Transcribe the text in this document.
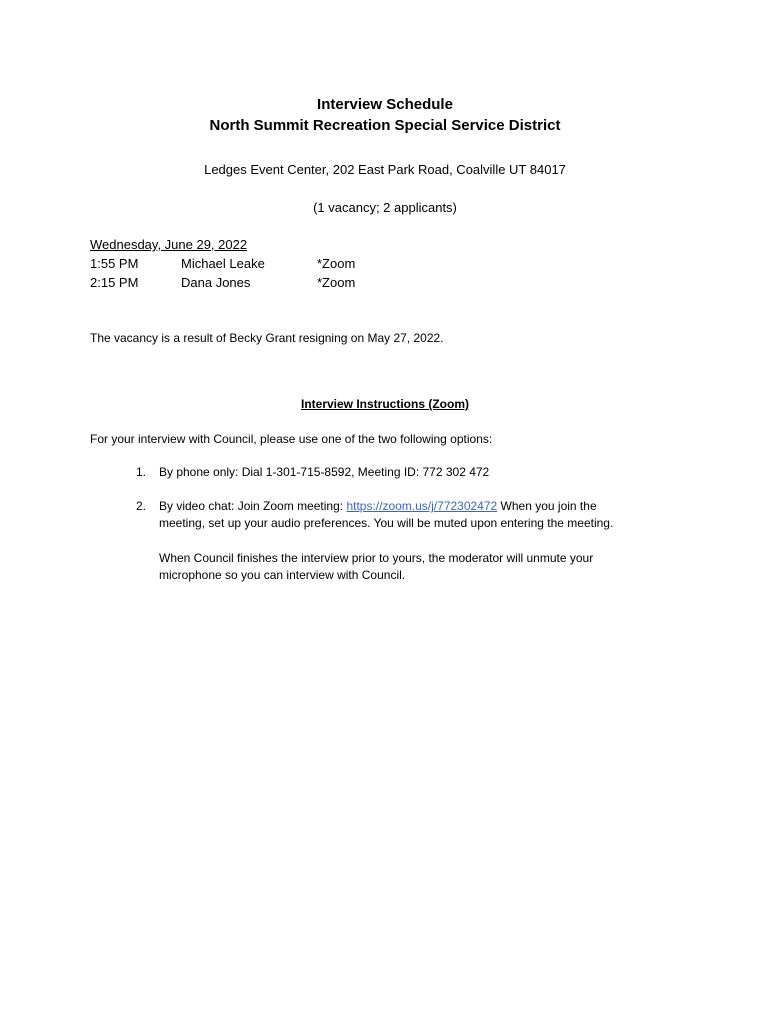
Interview Schedule
North Summit Recreation Special Service District
Ledges Event Center, 202 East Park Road, Coalville UT 84017
(1 vacancy; 2 applicants)
Wednesday, June 29, 2022
1:55 PM	Michael Leake	*Zoom
2:15 PM	Dana Jones	*Zoom
The vacancy is a result of Becky Grant resigning on May 27, 2022.
Interview Instructions (Zoom)
For your interview with Council, please use one of the two following options:
1. By phone only: Dial 1-301-715-8592, Meeting ID: 772 302 472
2. By video chat: Join Zoom meeting: https://zoom.us/j/772302472 When you join the
meeting, set up your audio preferences. You will be muted upon entering the meeting.
When Council finishes the interview prior to yours, the moderator will unmute your
microphone so you can interview with Council.
